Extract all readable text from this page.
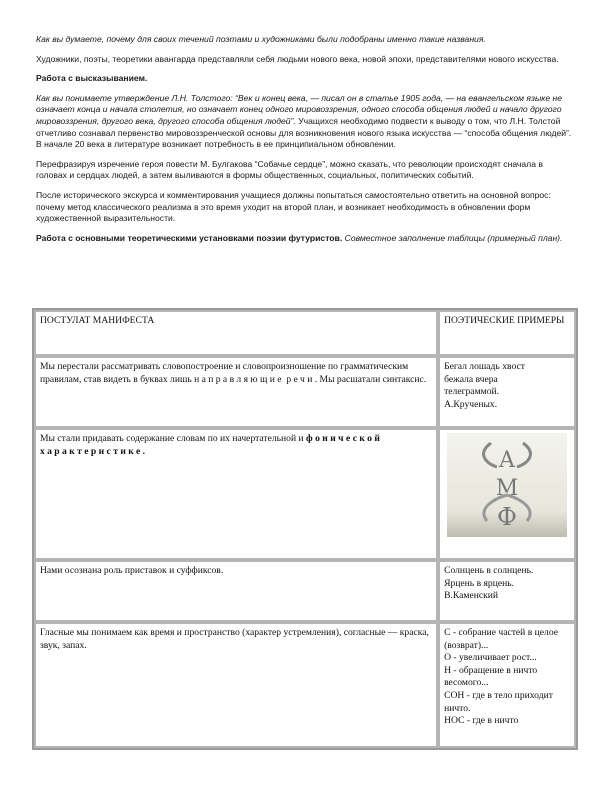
Как вы думаете, почему для своих течений поэтами и художниками были подобраны именно такие названия.

Художники, поэты, теоретики авангарда представляли себя людьми нового века, новой эпохи, представителями нового искусства.

Работа с высказыванием.

Как вы понимаете утверждение Л.Н. Толстого: “Век и конец века, — писал он в статье 1905 года, — на евангельском языке не означает конца и начала столетия, но означает конец одного мировоззрения, одного способа общения людей и начало другого мировоззрения, другого века, другого способа общения людей”. Учащихся необходимо подвести к выводу о том, что Л.Н. Толстой отчетливо сознавал первенство мировоззренческой основы для возникновения нового языка искусства — “способа общения людей”. В начале 20 века в литературе возникает потребность в ее принципиальном обновлении.

Перефразируя изречение героя повести М. Булгакова “Собачье сердце”, можно сказать, что революции происходят сначала в головах и сердцах людей, а затем выливаются в формы общественных, социальных, политических событий.

После исторического экскурса и комментирования учащиеся должны попытаться самостоятельно ответить на основной вопрос: почему метод классического реализма в это время уходит на второй план, и возникает необходимость в обновлении форм художественной выразительности.

Работа с основными теоретическими установками поэзии футуристов. Совместное заполнение таблицы (примерный план).

ПОСТУЛАТ МАНИФЕСТА	ПОЭТИЧЕСКИЕ ПРИМЕРЫ
Мы перестали рассматривать словопостроение и словопроизношение по грамматическим правилам, став видеть в буквах лишь направляющие речи. Мы расшатали синтаксис.	Бегал лошадь хвост
бежала вчера
телеграммой.
А.Крученых.

Мы стали придавать содержание словам по их начертательной и фонической характеристике.	А
М
Ф

Нами осознана роль приставок и суффиксов.	Солнцень в солнцень.
Ярцень в ярцень.
В.Каменский

Гласные мы понимаем как время и пространство (характер устремления), согласные — краска, звук, запах.	С - собрание частей в целое (возврат)...
О - увеличивает рост...
Н - обращение в ничто весомого...
СОН - где в тело приходит ничто.
НОС - где в ничто
